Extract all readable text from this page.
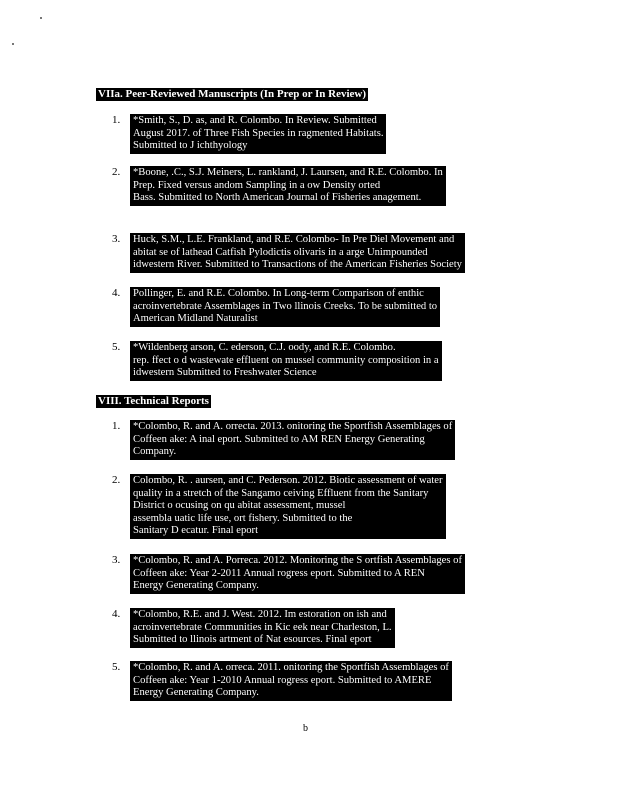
VIIa. Peer-Reviewed Manuscripts (In Prep or In Review)
1. *Smith, S., D. as, and R. Colombo. In Review. Submitted
August 2017. of Three Fish Species in ragmented Habitats.
Submitted to J ichthyology
2. *Boone, .C., S.J. Meiners, L. rankland, J. Laursen, and R.E. Colombo. In
Prep. Fixed versus andom Sampling in a ow Density orted
Bass. Submitted to North American Journal of Fisheries anagement.
3. Huck, S.M., L.E. Frankland, and R.E. Colombo- In Pre Diel Movement and
abitat se of lathead Catfish Pylodictis olivaris in a arge Unimpounded
idwestern River. Submitted to Transactions of the American Fisheries Society
4. Pollinger, E. and R.E. Colombo. In Long-term Comparison of enthic
acroinvertebrate Assemblages in Two llinois Creeks. To be submitted to
American Midland Naturalist
5. *Wildenberg arson, C. ederson, C.J. oody, and R.E. Colombo.
rep. ffect o d wastewate effluent on mussel community composition in a
idwestern Submitted to Freshwater Science
VIII. Technical Reports
1. *Colombo, R. and A. orrecta. 2013. onitoring the Sportfish Assemblages of
Coffeen ake: A inal eport. Submitted to AM REN Energy Generating
Company.
2. Colombo, R. . aursen, and C. Pederson. 2012. Biotic assessment of water
quality in a stretch of the Sangamo ceiving Effluent from the Sanitary
District o ocusing on qu abitat assessment, mussel
assembla uatic life use, ort fishery. Submitted to the
Sanitary D ecatur. Final eport
3. *Colombo, R. and A. Porreca. 2012. Monitoring the S ortfish Assemblages of
Coffeen ake: Year 2-2011 Annual rogress eport. Submitted to A REN
Energy Generating Company.
4. *Colombo, R.E. and J. West. 2012. Im estoration on ish and
acroinvertebrate Communities in Kic eek near Charleston, L.
Submitted to llinois artment of Nat esources. Final eport
5. *Colombo, R. and A. orreca. 2011. onitoring the Sportfish Assemblages of
Coffeen ake: Year 1-2010 Annual rogress eport. Submitted to AMERE
Energy Generating Company.
b
